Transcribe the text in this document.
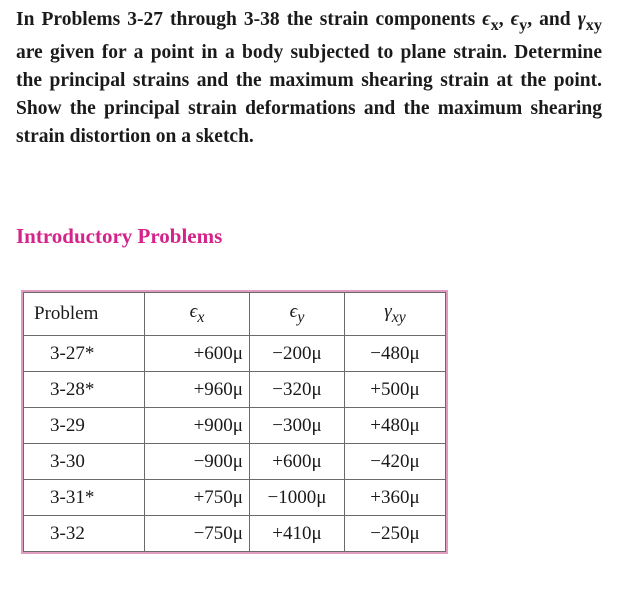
In Problems 3-27 through 3-38 the strain components $\epsilon_x$, $\epsilon_y$, and $\gamma_{xy}$ are given for a point in a body subjected to plane strain. Determine the principal strains and the maximum shearing strain at the point. Show the principal strain deformations and the maximum shearing strain distortion on a sketch.

Introductory Problems
Problem	$\epsilon_x$	$\epsilon_y$	$\gamma_{xy}$
3-27*	+600μ	−200μ	−480μ
3-28*	+960μ	−320μ	+500μ
3-29	+900μ	−300μ	+480μ
3-30	−900μ	+600μ	−420μ
3-31*	+750μ	−1000μ	+360μ
3-32	−750μ	+410μ	−250μ
